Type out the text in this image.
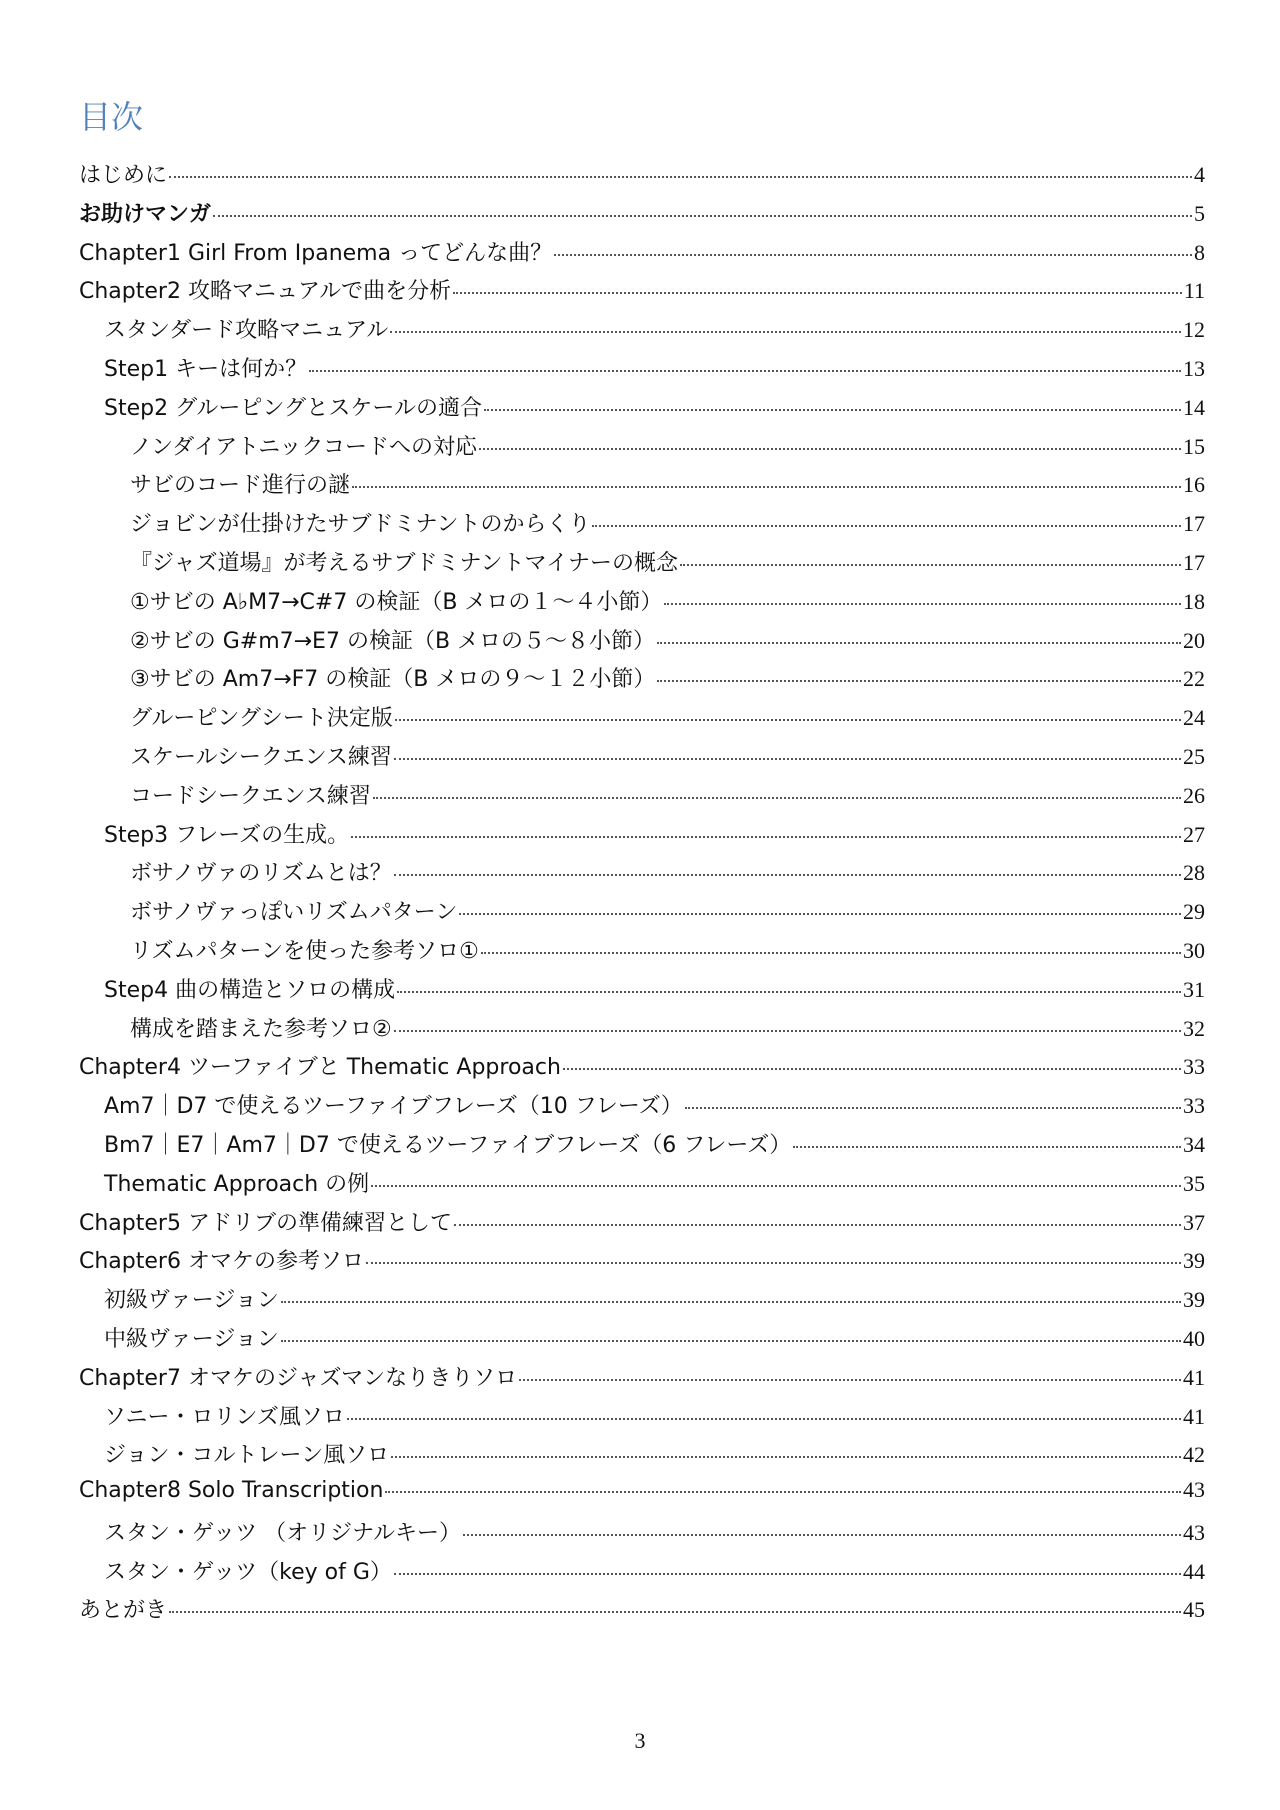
目次
はじめに	4
お助けマンガ	5
Chapter1 Girl From Ipanema ってどんな曲？	8
Chapter2 攻略マニュアルで曲を分析	11
スタンダード攻略マニュアル	12
Step1 キーは何か？	13
Step2 グルーピングとスケールの適合	14
ノンダイアトニックコードへの対応	15
サビのコード進行の謎	16
ジョビンが仕掛けたサブドミナントのからくり	17
『ジャズ道場』が考えるサブドミナントマイナーの概念	17
①サビの A♭M7→C#7 の検証（B メロの１～４小節）	18
②サビの G#m7→E7 の検証（B メロの５～８小節）	20
③サビの Am7→F7 の検証（B メロの９～１２小節）	22
グルーピングシート決定版	24
スケールシークエンス練習	25
コードシークエンス練習	26
Step3 フレーズの生成。	27
ボサノヴァのリズムとは？	28
ボサノヴァっぽいリズムパターン	29
リズムパターンを使った参考ソロ①	30
Step4 曲の構造とソロの構成	31
構成を踏まえた参考ソロ②	32
Chapter4 ツーファイブと Thematic Approach	33
Am7｜D7 で使えるツーファイブフレーズ（10 フレーズ）	33
Bm7｜E7｜Am7｜D7 で使えるツーファイブフレーズ（6 フレーズ）	34
Thematic Approach の例	35
Chapter5 アドリブの準備練習として	37
Chapter6 オマケの参考ソロ	39
初級ヴァージョン	39
中級ヴァージョン	40
Chapter7 オマケのジャズマンなりきりソロ	41
ソニー・ロリンズ風ソロ	41
ジョン・コルトレーン風ソロ	42
Chapter8 Solo Transcription	43
スタン・ゲッツ （オリジナルキー）	43
スタン・ゲッツ（key of G）	44
あとがき	45
3
